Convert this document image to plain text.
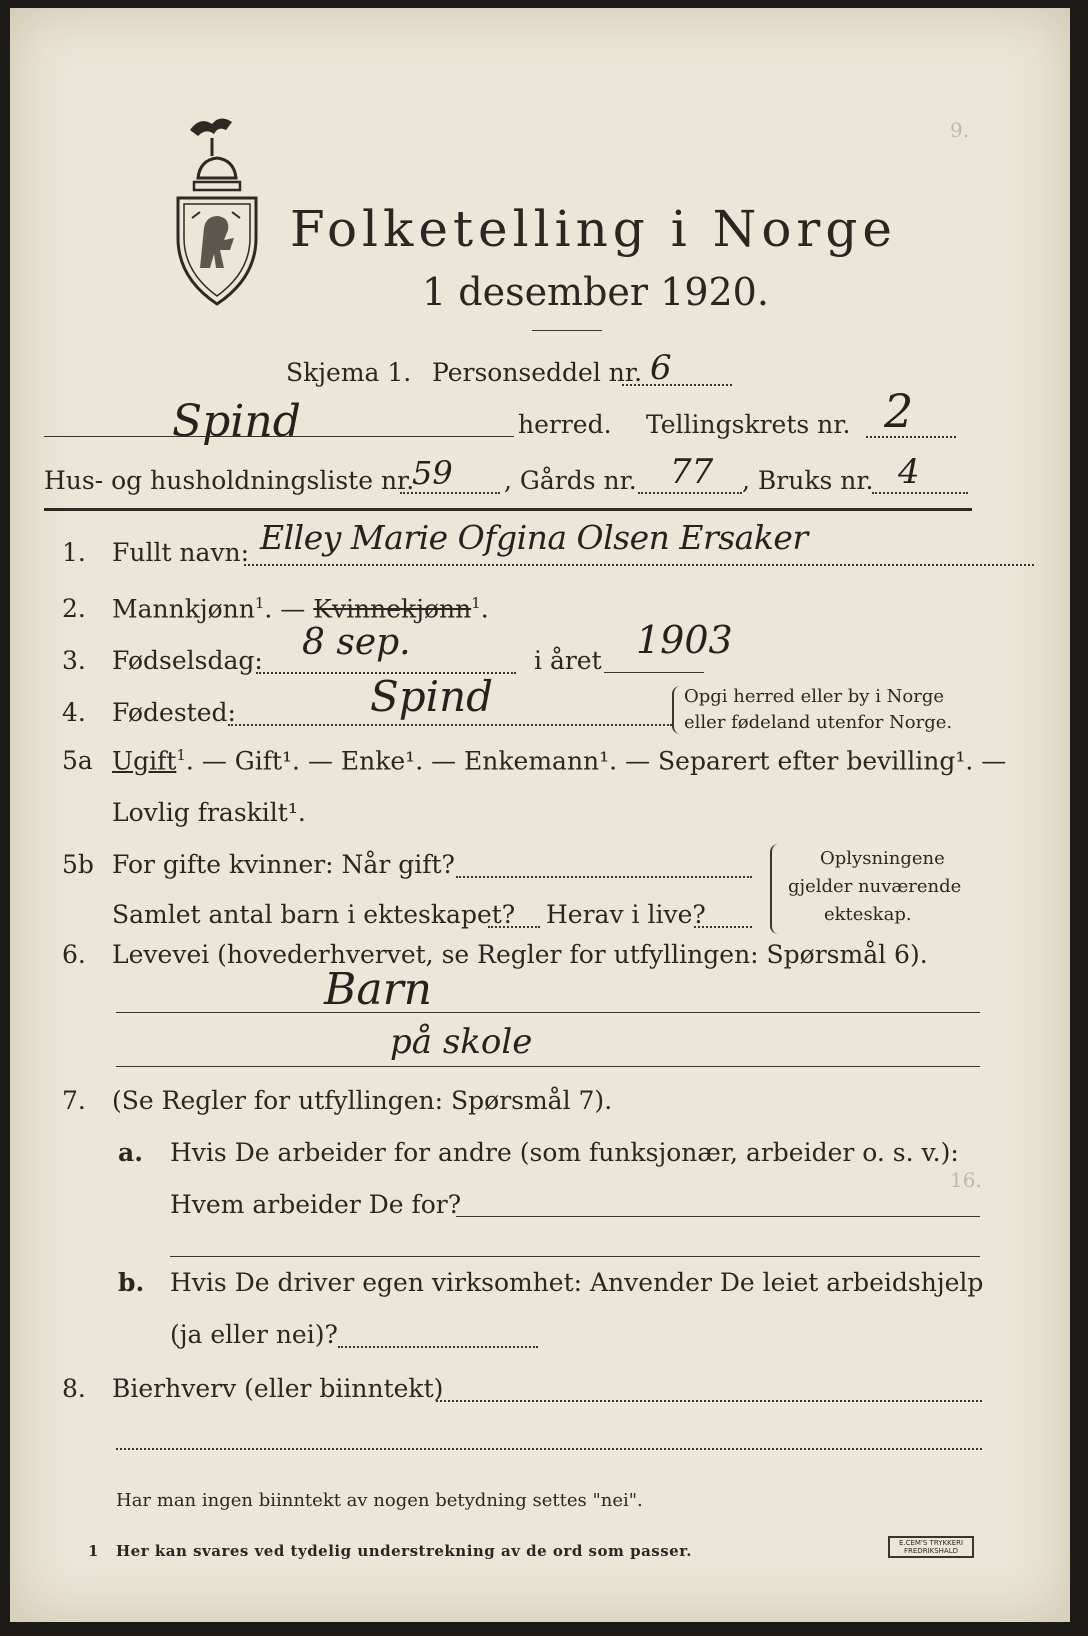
Folketelling i Norge
1 desember 1920.
Skjema 1. Personseddel nr. 6
Spind	herred. Tellingskrets nr. 2
Hus- og husholdningsliste nr.
59 , Gårds nr. 77 , Bruks nr. 4
1. Fullt navn: Elley Marie Ofgina Olsen Ersaker
2. Mannkjønn$^1$. — Kvinnekjønn$^1$.
3. Fødselsdag: 8 sep.	i året 1903
4. Fødested:	Spind	Opgi herred eller by i Norge
eller fødeland utenfor Norge.
5a Ugift$^1$. — Gift¹. — Enke¹. — Enkemann¹. — Separert efter bevilling¹. —
Lovlig fraskilt¹.
5b For gifte kvinner: Når gift?
Samlet antal barn i ekteskapet? Herav i live?
Oplysningene
gjelder nuværende
ekteskap.
6. Levevei (hovederhvervet, se Regler for utfyllingen: Spørsmål 6).
Barn
på skole
7. (Se Regler for utfyllingen: Spørsmål 7).
a. Hvis De arbeider for andre (som funksjonær, arbeider o. s. v.):
Hvem arbeider De for?
b. Hvis De driver egen virksomhet: Anvender De leiet arbeidshjelp
(ja eller nei)?
8. Bierhverv (eller biinntekt)
Har man ingen biinntekt av nogen betydning settes "nei".
1 Her kan svares ved tydelig understrekning av de ord som passer.	E.CEM'S TRYKKERI
FREDRIKSHALD
9.
16.
